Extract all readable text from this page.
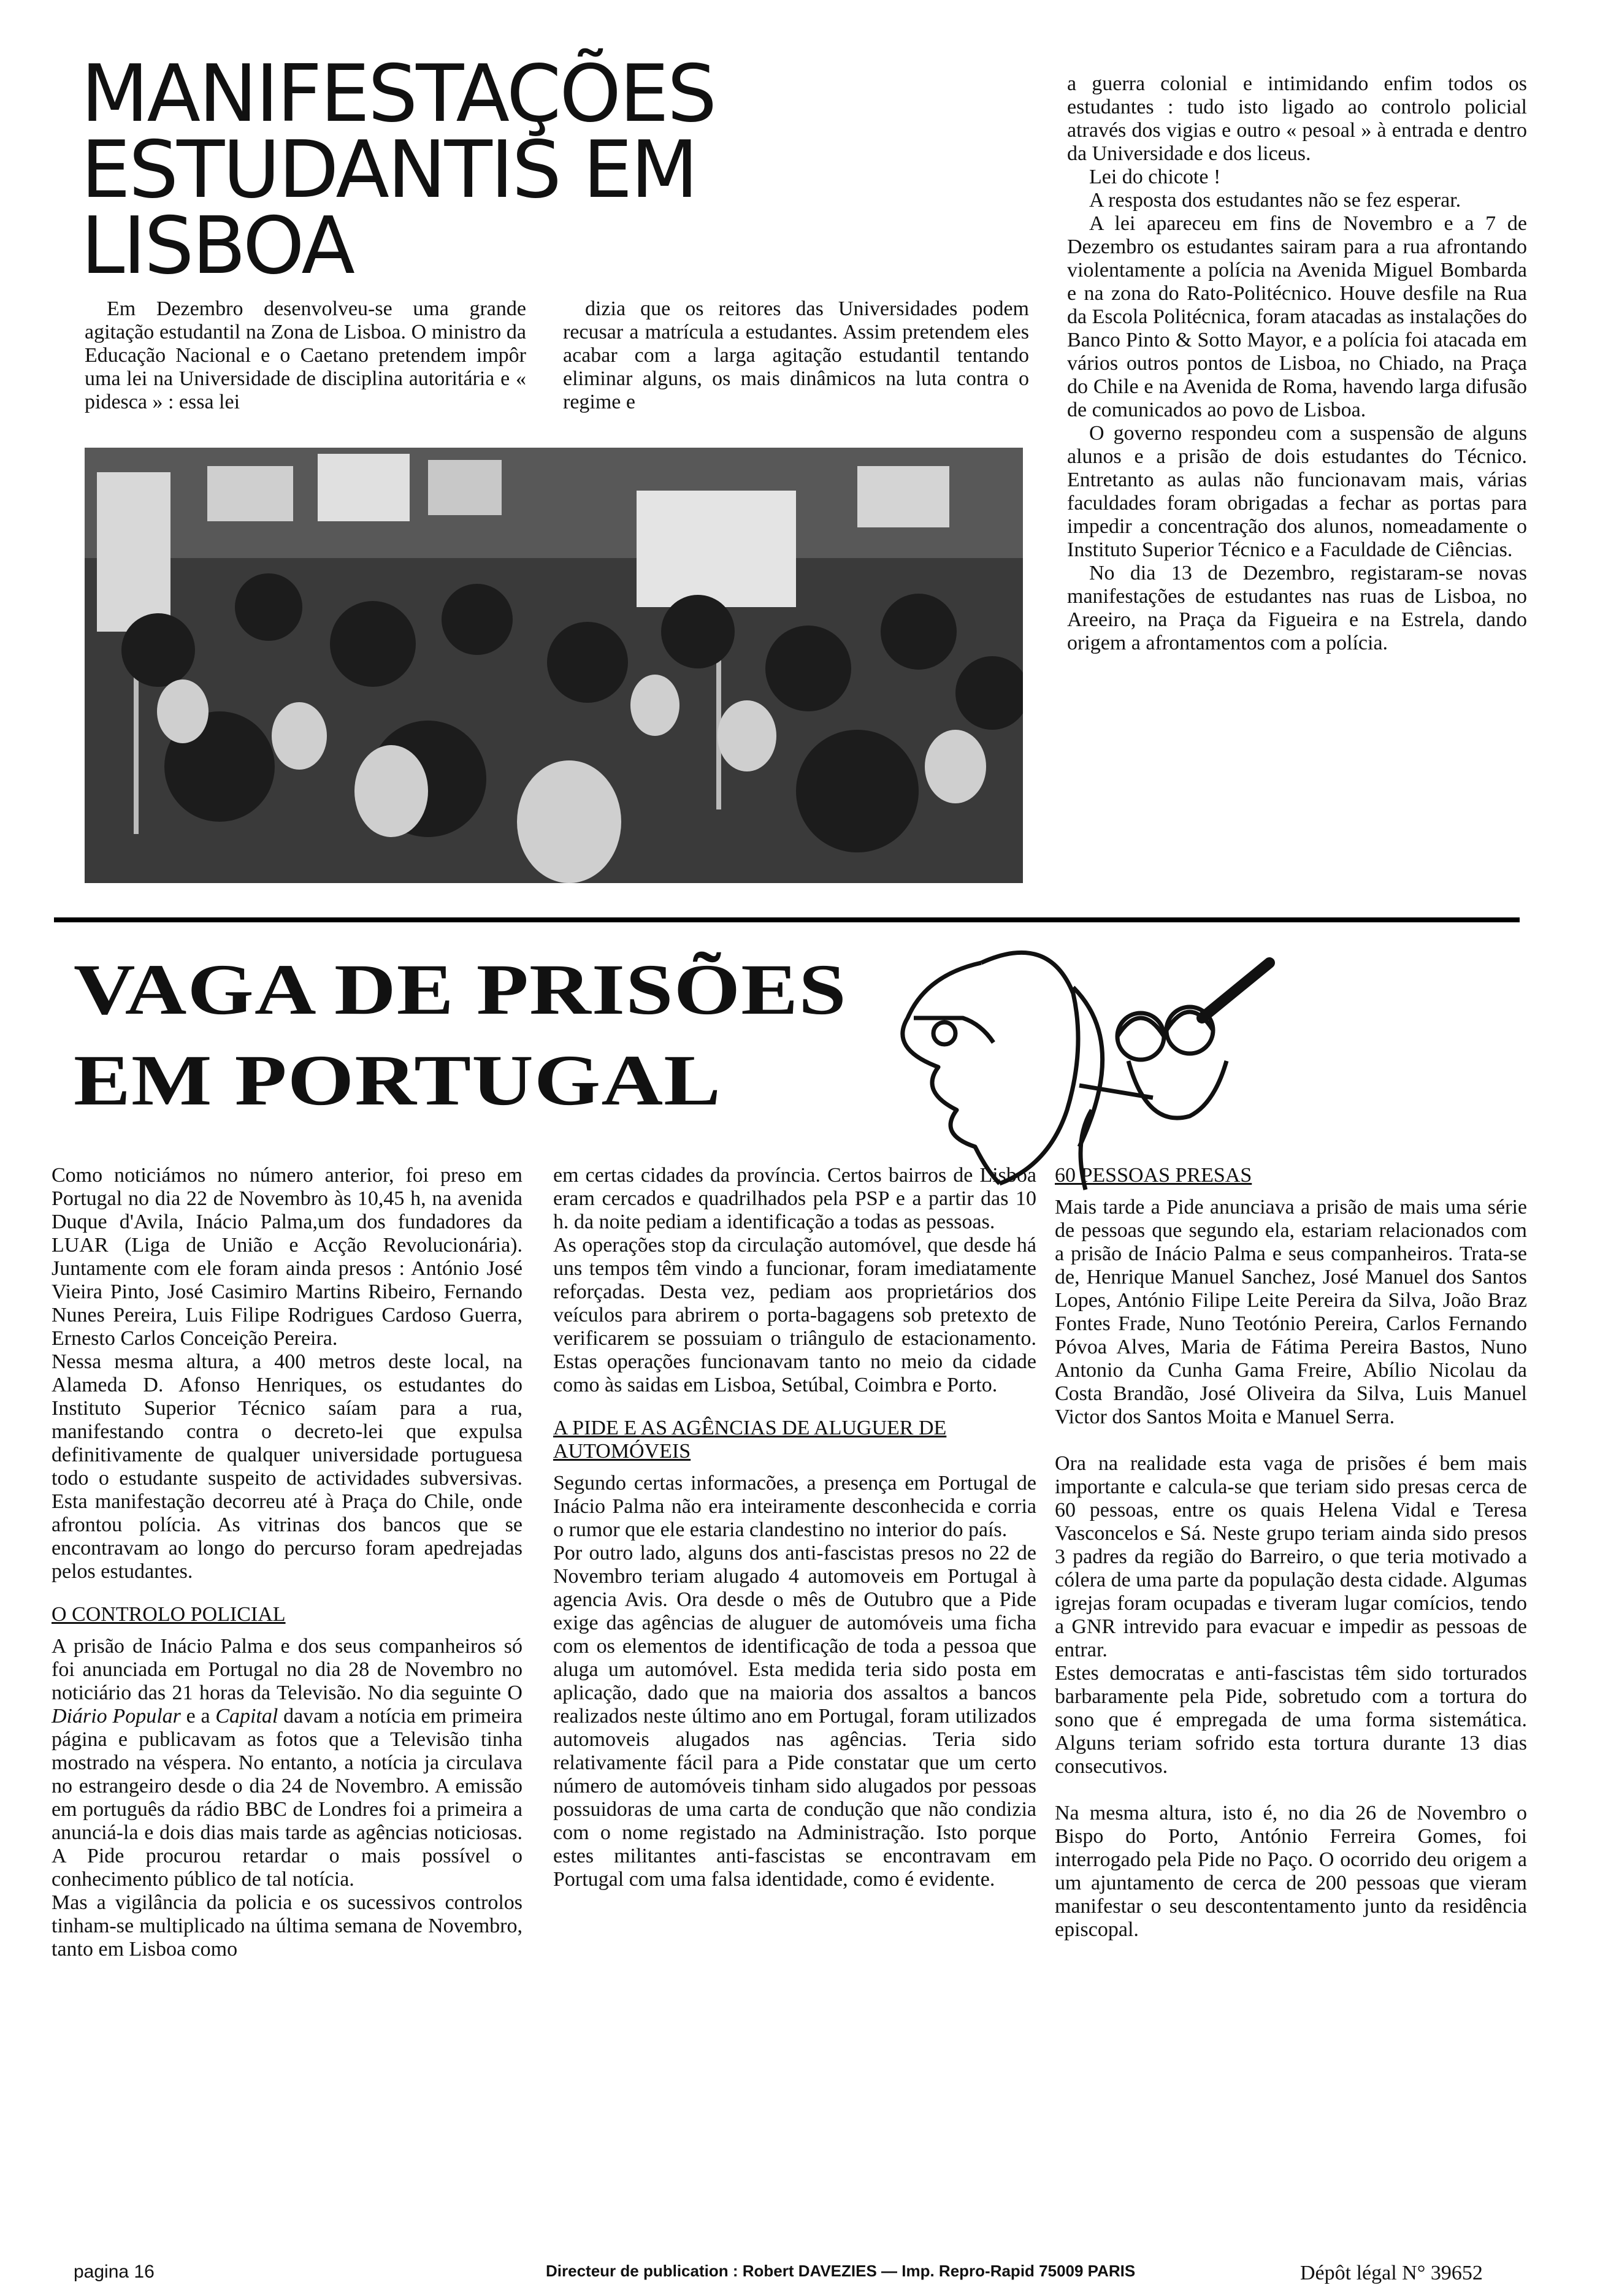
MANIFESTAÇÕES
ESTUDANTIS EM
LISBOA

Em Dezembro desenvolveu-se uma grande agitação estudantil na Zona de Lisboa. O ministro da Educação Nacional e o Caetano pretendem impôr uma lei na Universidade de disciplina autoritária e « pidesca » : essa lei

dizia que os reitores das Universidades podem recusar a matrícula a estudantes. Assim pretendem eles acabar com a larga agitação estudantil tentando eliminar alguns, os mais dinâmicos na luta contra o regime e

a guerra colonial e intimidando enfim todos os estudantes : tudo isto ligado ao controlo policial através dos vigias e outro « pesoal » à entrada e dentro da Universidade e dos liceus.

Lei do chicote !

A resposta dos estudantes não se fez esperar.

A lei apareceu em fins de Novembro e a 7 de Dezembro os estudantes sairam para a rua afrontando violentamente a polícia na Avenida Miguel Bombarda e na zona do Rato-Politécnico. Houve desfile na Rua da Escola Politécnica, foram atacadas as instalações do Banco Pinto & Sotto Mayor, e a polícia foi atacada em vários outros pontos de Lisboa, no Chiado, na Praça do Chile e na Avenida de Roma, havendo larga difusão de comunicados ao povo de Lisboa.

O governo respondeu com a suspensão de alguns alunos e a prisão de dois estudantes do Técnico. Entretanto as aulas não funcionavam mais, várias faculdades foram obrigadas a fechar as portas para impedir a concentração dos alunos, nomeadamente o Instituto Superior Técnico e a Faculdade de Ciências.

No dia 13 de Dezembro, registaram-se novas manifestações de estudantes nas ruas de Lisboa, no Areeiro, na Praça da Figueira e na Estrela, dando origem a afrontamentos com a polícia.

VAGA DE PRISÕES
EM PORTUGAL

Como noticiámos no número anterior, foi preso em Portugal no dia 22 de Novembro às 10,45 h, na avenida Duque d'Avila, Inácio Palma,um dos fundadores da LUAR (Liga de União e Acção Revolucionária). Juntamente com ele foram ainda presos : António José Vieira Pinto, José Casimiro Martins Ribeiro, Fernando Nunes Pereira, Luis Filipe Rodrigues Cardoso Guerra, Ernesto Carlos Conceição Pereira.

Nessa mesma altura, a 400 metros deste local, na Alameda D. Afonso Henriques, os estudantes do Instituto Superior Técnico saíam para a rua, manifestando contra o decreto-lei que expulsa definitivamente de qualquer universidade portuguesa todo o estudante suspeito de actividades subversivas. Esta manifestação decorreu até à Praça do Chile, onde afrontou polícia. As vitrinas dos bancos que se encontravam ao longo do percurso foram apedrejadas pelos estudantes.

O CONTROLO POLICIAL

A prisão de Inácio Palma e dos seus companheiros só foi anunciada em Portugal no dia 28 de Novembro no noticiário das 21 horas da Televisão. No dia seguinte O Diário Popular e a Capital davam a notícia em primeira página e publicavam as fotos que a Televisão tinha mostrado na véspera. No entanto, a notícia ja circulava no estrangeiro desde o dia 24 de Novembro. A emissão em português da rádio BBC de Londres foi a primeira a anunciá-la e dois dias mais tarde as agências noticiosas. A Pide procurou retardar o mais possível o conhecimento público de tal notícia.

Mas a vigilância da policia e os sucessivos controlos tinham-se multiplicado na última semana de Novembro, tanto em Lisboa como

em certas cidades da província. Certos bairros de Lisboa eram cercados e quadrilhados pela PSP e a partir das 10 h. da noite pediam a identificação a todas as pessoas.

As operações stop da circulação automóvel, que desde há uns tempos têm vindo a funcionar, foram imediatamente reforçadas. Desta vez, pediam aos proprietários dos veículos para abrirem o porta-bagagens sob pretexto de verificarem se possuiam o triângulo de estacionamento. Estas operações funcionavam tanto no meio da cidade como às saidas em Lisboa, Setúbal, Coimbra e Porto.

A PIDE E AS AGÊNCIAS DE ALUGUER DE AUTOMÓVEIS

Segundo certas informacões, a presença em Portugal de Inácio Palma não era inteiramente desconhecida e corria o rumor que ele estaria clandestino no interior do país.

Por outro lado, alguns dos anti-fascistas presos no 22 de Novembro teriam alugado 4 automoveis em Portugal à agencia Avis. Ora desde o mês de Outubro que a Pide exige das agências de aluguer de automóveis uma ficha com os elementos de identificação de toda a pessoa que aluga um automóvel. Esta medida teria sido posta em aplicação, dado que na maioria dos assaltos a bancos realizados neste último ano em Portugal, foram utilizados automoveis alugados nas agências. Teria sido relativamente fácil para a Pide constatar que um certo número de automóveis tinham sido alugados por pessoas possuidoras de uma carta de condução que não condizia com o nome registado na Administração. Isto porque estes militantes anti-fascistas se encontravam em Portugal com uma falsa identidade, como é evidente.

60 PESSOAS PRESAS

Mais tarde a Pide anunciava a prisão de mais uma série de pessoas que segundo ela, estariam relacionados com a prisão de Inácio Palma e seus companheiros. Trata-se de, Henrique Manuel Sanchez, José Manuel dos Santos Lopes, António Filipe Leite Pereira da Silva, João Braz Fontes Frade, Nuno Teotónio Pereira, Carlos Fernando Póvoa Alves, Maria de Fátima Pereira Bastos, Nuno Antonio da Cunha Gama Freire, Abílio Nicolau da Costa Brandão, José Oliveira da Silva, Luis Manuel Victor dos Santos Moita e Manuel Serra.

Ora na realidade esta vaga de prisões é bem mais importante e calcula-se que teriam sido presas cerca de 60 pessoas, entre os quais Helena Vidal e Teresa Vasconcelos e Sá. Neste grupo teriam ainda sido presos 3 padres da região do Barreiro, o que teria motivado a cólera de uma parte da população desta cidade. Algumas igrejas foram ocupadas e tiveram lugar comícios, tendo a GNR intrevido para evacuar e impedir as pessoas de entrar.

Estes democratas e anti-fascistas têm sido torturados barbaramente pela Pide, sobretudo com a tortura do sono que é empregada de uma forma sistemática. Alguns teriam sofrido esta tortura durante 13 dias consecutivos.

Na mesma altura, isto é, no dia 26 de Novembro o Bispo do Porto, António Ferreira Gomes, foi interrogado pela Pide no Paço. O ocorrido deu origem a um ajuntamento de cerca de 200 pessoas que vieram manifestar o seu descontentamento junto da residência episcopal.

pagina 16	Directeur de publication : Robert DAVEZIES — Imp. Repro-Rapid 75009 PARIS	Dépôt légal N° 39652
